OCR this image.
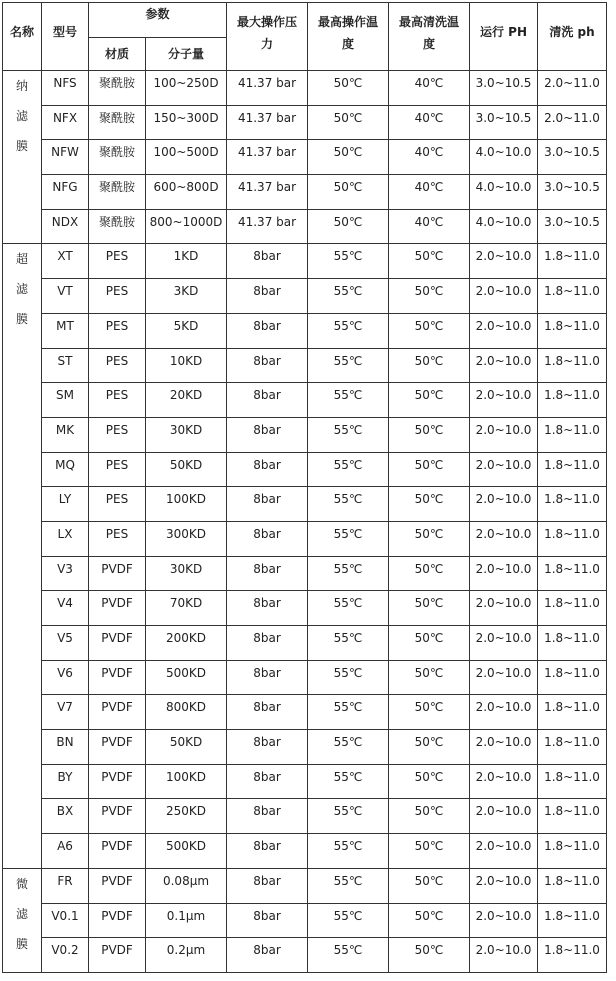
名称	型号	参数		最大操作压力	最高操作温度	最高清洗温度	运行 PH	清洗 ph

		材质	分子量					

纳
滤
膜	NFS	聚酰胺	100~250D	41.37 bar	50℃	40℃	3.0~10.5	2.0~11.0

	NFX	聚酰胺	150~300D	41.37 bar	50℃	40℃	3.0~10.5	2.0~11.0

	NFW	聚酰胺	100~500D	41.37 bar	50℃	40℃	4.0~10.0	3.0~10.5

	NFG	聚酰胺	600~800D	41.37 bar	50℃	40℃	4.0~10.0	3.0~10.5

	NDX	聚酰胺	800~1000D	41.37 bar	50℃	40℃	4.0~10.0	3.0~10.5

超
滤
膜	XT	PES	1KD	8bar	55℃	50℃	2.0~10.0	1.8~11.0

	VT	PES	3KD	8bar	55℃	50℃	2.0~10.0	1.8~11.0

	MT	PES	5KD	8bar	55℃	50℃	2.0~10.0	1.8~11.0

	ST	PES	10KD	8bar	55℃	50℃	2.0~10.0	1.8~11.0

	SM	PES	20KD	8bar	55℃	50℃	2.0~10.0	1.8~11.0

	MK	PES	30KD	8bar	55℃	50℃	2.0~10.0	1.8~11.0

	MQ	PES	50KD	8bar	55℃	50℃	2.0~10.0	1.8~11.0

	LY	PES	100KD	8bar	55℃	50℃	2.0~10.0	1.8~11.0

	LX	PES	300KD	8bar	55℃	50℃	2.0~10.0	1.8~11.0

	V3	PVDF	30KD	8bar	55℃	50℃	2.0~10.0	1.8~11.0

	V4	PVDF	70KD	8bar	55℃	50℃	2.0~10.0	1.8~11.0

	V5	PVDF	200KD	8bar	55℃	50℃	2.0~10.0	1.8~11.0

	V6	PVDF	500KD	8bar	55℃	50℃	2.0~10.0	1.8~11.0

	V7	PVDF	800KD	8bar	55℃	50℃	2.0~10.0	1.8~11.0

	BN	PVDF	50KD	8bar	55℃	50℃	2.0~10.0	1.8~11.0

	BY	PVDF	100KD	8bar	55℃	50℃	2.0~10.0	1.8~11.0

	BX	PVDF	250KD	8bar	55℃	50℃	2.0~10.0	1.8~11.0

	A6	PVDF	500KD	8bar	55℃	50℃	2.0~10.0	1.8~11.0

微
滤
膜	FR	PVDF	0.08μm	8bar	55℃	50℃	2.0~10.0	1.8~11.0

	V0.1	PVDF	0.1μm	8bar	55℃	50℃	2.0~10.0	1.8~11.0

	V0.2	PVDF	0.2μm	8bar	55℃	50℃	2.0~10.0	1.8~11.0
